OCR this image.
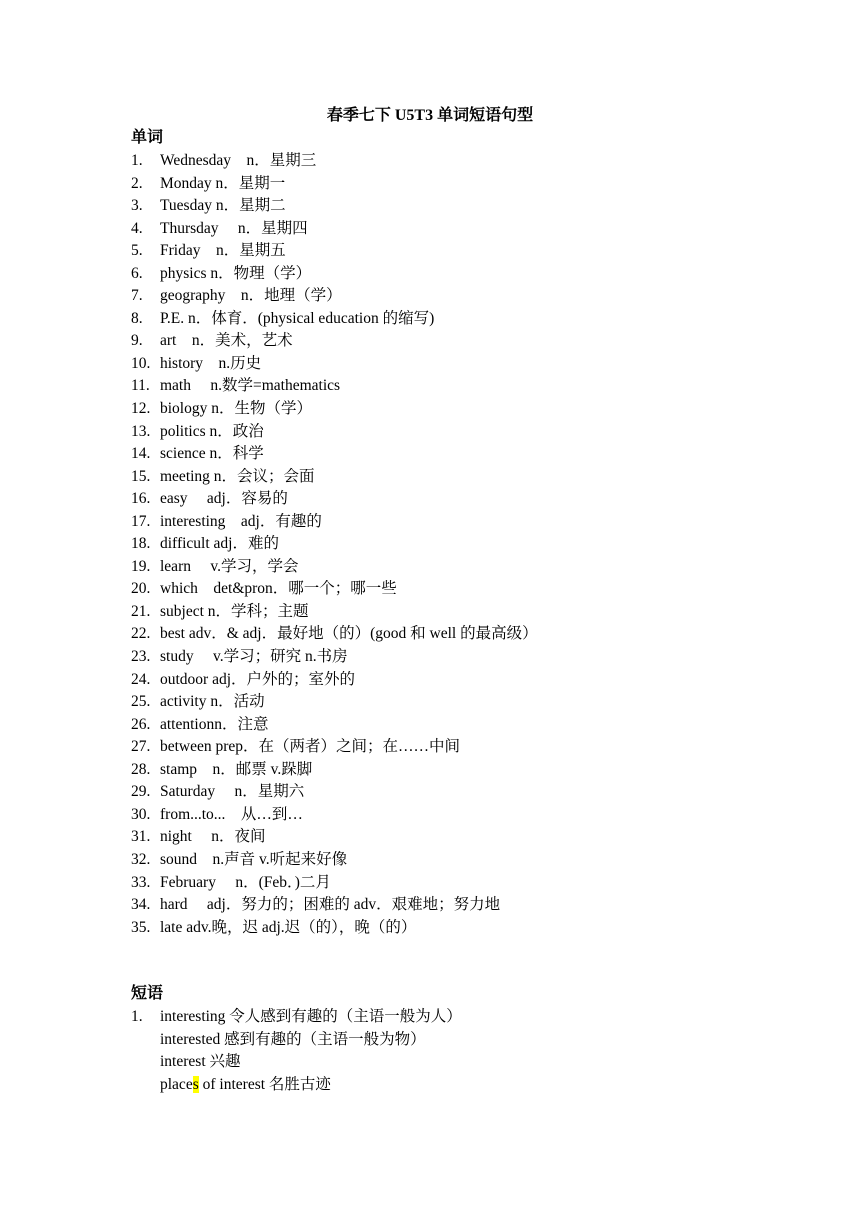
春季七下 U5T3 单词短语句型
单词
1. Wednesday　n．星期三
2. Monday n．星期一
3. Tuesday n．星期二
4. Thursday　 n．星期四
5. Friday　n．星期五
6. physics n．物理（学）
7. geography　n．地理（学）
8. P.E. n．体育．(physical education 的缩写)
9. art　n．美术，艺术
10. history　n.历史
11. math　 n.数学=mathematics
12. biology n．生物（学）
13. politics n．政治
14. science n．科学
15. meeting n．会议；会面
16. easy　 adj．容易的
17. interesting　adj．有趣的
18. difficult adj．难的
19. learn　 v.学习，学会
20. which　det&pron．哪一个；哪一些
21. subject n．学科；主题
22. best adv．& adj．最好地（的）(good 和 well 的最高级）
23. study　 v.学习；研究 n.书房
24. outdoor adj．户外的；室外的
25. activity n．活动
26. attentionn．注意
27. between prep．在（两者）之间；在……中间
28. stamp　n．邮票 v.跺脚
29. Saturday　 n．星期六
30. from...to...　从…到…
31. night　 n．夜间
32. sound　n.声音 v.听起来好像
33. February　 n．(Feb．)二月
34. hard　 adj．努力的；困难的 adv．艰难地；努力地
35. late adv.晚，迟 adj.迟（的），晚（的）
短语
1. interesting 令人感到有趣的（主语一般为人）
interested 感到有趣的（主语一般为物）
interest 兴趣
places of interest 名胜古迹
